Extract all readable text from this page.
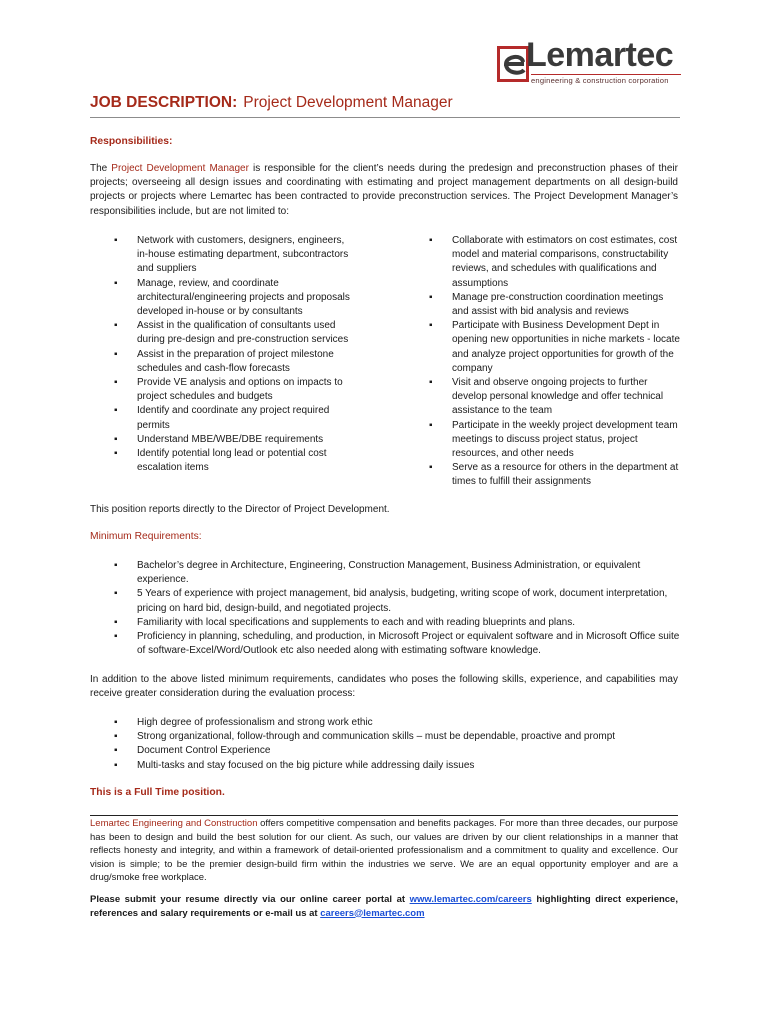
Lemartec
engineering & construction corporation
JOB DESCRIPTION: Project Development Manager
Responsibilities:
The Project Development Manager is responsible for the client’s needs during the predesign and preconstruction phases of their projects; overseeing all design issues and coordinating with estimating and project management departments on all design-build projects or projects where Lemartec has been contracted to provide preconstruction services. The Project Development Manager’s responsibilities include, but are not limited to:
▪ Network with customers, designers, engineers, in-house estimating department, subcontractors and suppliers
▪ Manage, review, and coordinate architectural/engineering projects and proposals developed in-house or by consultants
▪ Assist in the qualification of consultants used during pre-design and pre-construction services
▪ Assist in the preparation of project milestone schedules and cash-flow forecasts
▪ Provide VE analysis and options on impacts to project schedules and budgets
▪ Identify and coordinate any project required permits
▪ Understand MBE/WBE/DBE requirements
▪ Identify potential long lead or potential cost escalation items
▪ Collaborate with estimators on cost estimates, cost model and material comparisons, constructability reviews, and schedules with qualifications and assumptions
▪ Manage pre-construction coordination meetings and assist with bid analysis and reviews
▪ Participate with Business Development Dept in opening new opportunities in niche markets - locate and analyze project opportunities for growth of the company
▪ Visit and observe ongoing projects to further develop personal knowledge and offer technical assistance to the team
▪ Participate in the weekly project development team meetings to discuss project status, project resources, and other needs
▪ Serve as a resource for others in the department at times to fulfill their assignments
This position reports directly to the Director of Project Development.
Minimum Requirements:
▪ Bachelor’s degree in Architecture, Engineering, Construction Management, Business Administration, or equivalent experience.
▪ 5 Years of experience with project management, bid analysis, budgeting, writing scope of work, document interpretation, pricing on hard bid, design-build, and negotiated projects.
▪ Familiarity with local specifications and supplements to each and with reading blueprints and plans.
▪ Proficiency in planning, scheduling, and production, in Microsoft Project or equivalent software and in Microsoft Office suite of software-Excel/Word/Outlook etc also needed along with estimating software knowledge.
In addition to the above listed minimum requirements, candidates who poses the following skills, experience, and capabilities may receive greater consideration during the evaluation process:
▪ High degree of professionalism and strong work ethic
▪ Strong organizational, follow-through and communication skills – must be dependable, proactive and prompt
▪ Document Control Experience
▪ Multi-tasks and stay focused on the big picture while addressing daily issues
This is a Full Time position.
Lemartec Engineering and Construction offers competitive compensation and benefits packages. For more than three decades, our purpose has been to design and build the best solution for our client. As such, our values are driven by our client relationships in a manner that reflects honesty and integrity, and within a framework of detail-oriented professionalism and a commitment to quality and excellence. Our vision is simple; to be the premier design-build firm within the industries we serve. We are an equal opportunity employer and are a drug/smoke free workplace.
Please submit your resume directly via our online career portal at www.lemartec.com/careers highlighting direct experience, references and salary requirements or e-mail us at careers@lemartec.com
